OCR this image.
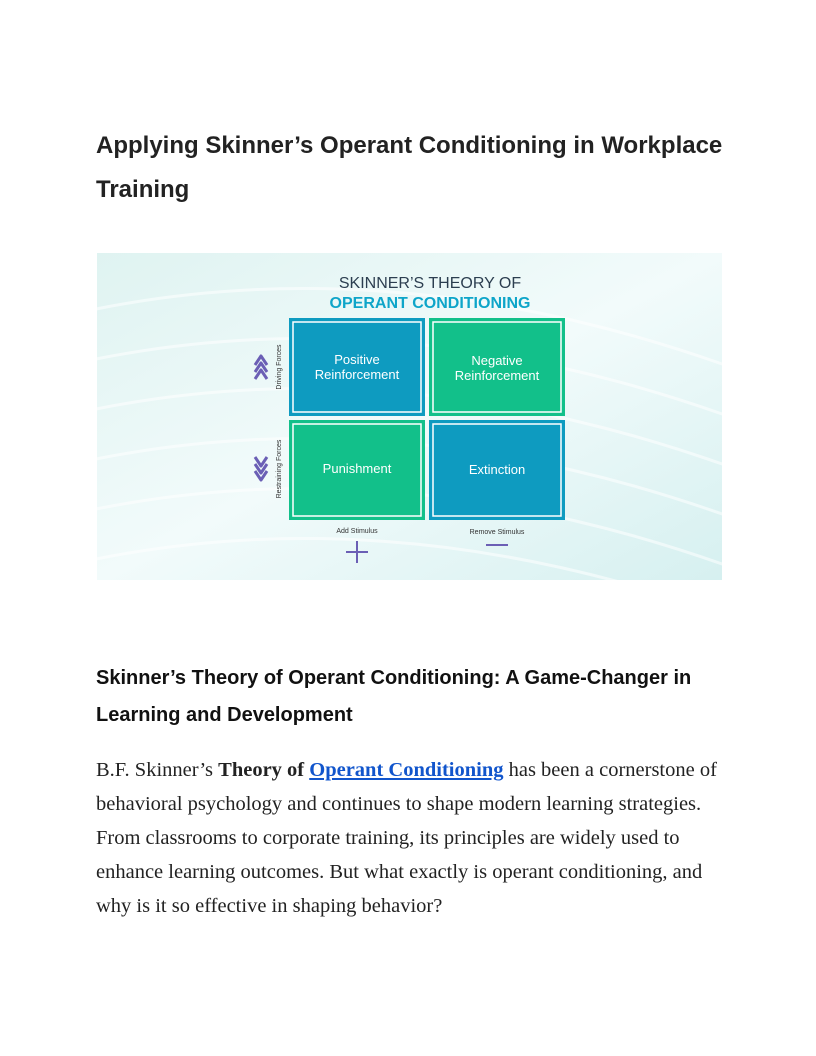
Applying Skinner’s Operant Conditioning in Workplace Training
SKINNER’S THEORY OF
OPERANT CONDITIONING
Positive
Reinforcement
Negative
Reinforcement
Punishment	Extinction
Driving Forces
Restraining Forces
Add Stimulus	Remove Stimulus
Skinner’s Theory of Operant Conditioning: A Game-Changer in Learning and Development

B.F. Skinner’s Theory of Operant Conditioning has been a cornerstone of behavioral psychology and continues to shape modern learning strategies. From classrooms to corporate training, its principles are widely used to enhance learning outcomes. But what exactly is operant conditioning, and why is it so effective in shaping behavior?
